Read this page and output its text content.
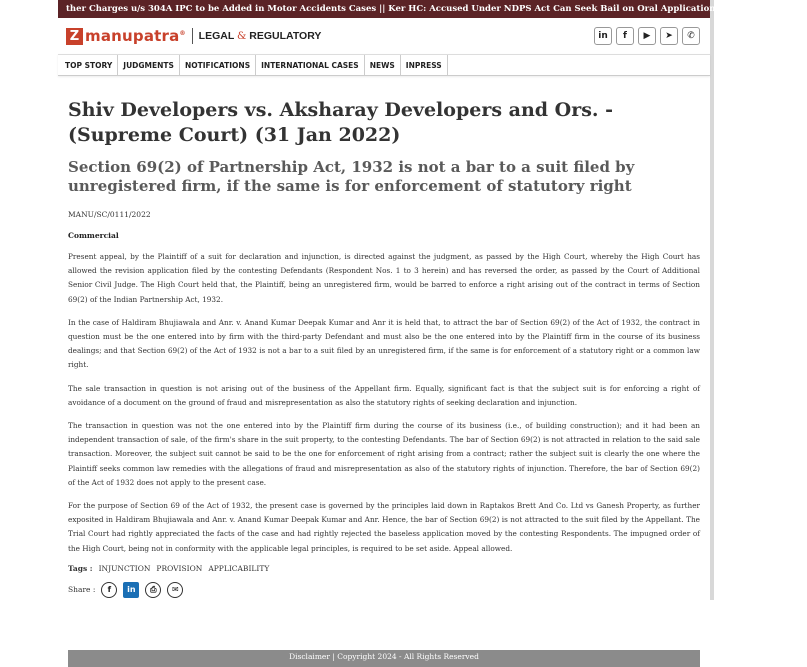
ther Charges u/s 304A IPC to be Added in Motor Accidents Cases || Ker HC: Accused Under NDPS Act Can Seek Bail on Oral Application Sign In/Sign Up
Z manupatra® LEGAL & REGULATORY	in	f	▶	➤	✆
TOP STORY	JUDGMENTS	NOTIFICATIONS	INTERNATIONAL CASES	NEWS	INPRESS
Shiv Developers vs. Aksharay Developers and Ors. - (Supreme Court) (31 Jan 2022)
Section 69(2) of Partnership Act, 1932 is not a bar to a suit filed by unregistered firm, if the same is for enforcement of statutory right
MANU/SC/0111/2022
Commercial

Present appeal, by the Plaintiff of a suit for declaration and injunction, is directed against the judgment, as passed by the High Court, whereby the High Court has allowed the revision application filed by the contesting Defendants (Respondent Nos. 1 to 3 herein) and has reversed the order, as passed by the Court of Additional Senior Civil Judge. The High Court held that, the Plaintiff, being an unregistered firm, would be barred to enforce a right arising out of the contract in terms of Section 69(2) of the Indian Partnership Act, 1932.

In the case of Haldiram Bhujiawala and Anr. v. Anand Kumar Deepak Kumar and Anr it is held that, to attract the bar of Section 69(2) of the Act of 1932, the contract in question must be the one entered into by firm with the third-party Defendant and must also be the one entered into by the Plaintiff firm in the course of its business dealings; and that Section 69(2) of the Act of 1932 is not a bar to a suit filed by an unregistered firm, if the same is for enforcement of a statutory right or a common law right.

The sale transaction in question is not arising out of the business of the Appellant firm. Equally, significant fact is that the subject suit is for enforcing a right of avoidance of a document on the ground of fraud and misrepresentation as also the statutory rights of seeking declaration and injunction.

The transaction in question was not the one entered into by the Plaintiff firm during the course of its business (i.e., of building construction); and it had been an independent transaction of sale, of the firm's share in the suit property, to the contesting Defendants. The bar of Section 69(2) is not attracted in relation to the said sale transaction. Moreover, the subject suit cannot be said to be the one for enforcement of right arising from a contract; rather the subject suit is clearly the one where the Plaintiff seeks common law remedies with the allegations of fraud and misrepresentation as also of the statutory rights of injunction. Therefore, the bar of Section 69(2) of the Act of 1932 does not apply to the present case.

For the purpose of Section 69 of the Act of 1932, the present case is governed by the principles laid down in Raptakos Brett And Co. Ltd vs Ganesh Property, as further exposited in Haldiram Bhujiawala and Anr. v. Anand Kumar Deepak Kumar and Anr. Hence, the bar of Section 69(2) is not attracted to the suit filed by the Appellant. The Trial Court had rightly appreciated the facts of the case and had rightly rejected the baseless application moved by the contesting Respondents. The impugned order of the High Court, being not in conformity with the applicable legal principles, is required to be set aside. Appeal allowed.

Tags : INJUNCTION PROVISION APPLICABILITY
Share :	f	in	⎙	✉
Disclaimer | Copyright 2024 - All Rights Reserved
